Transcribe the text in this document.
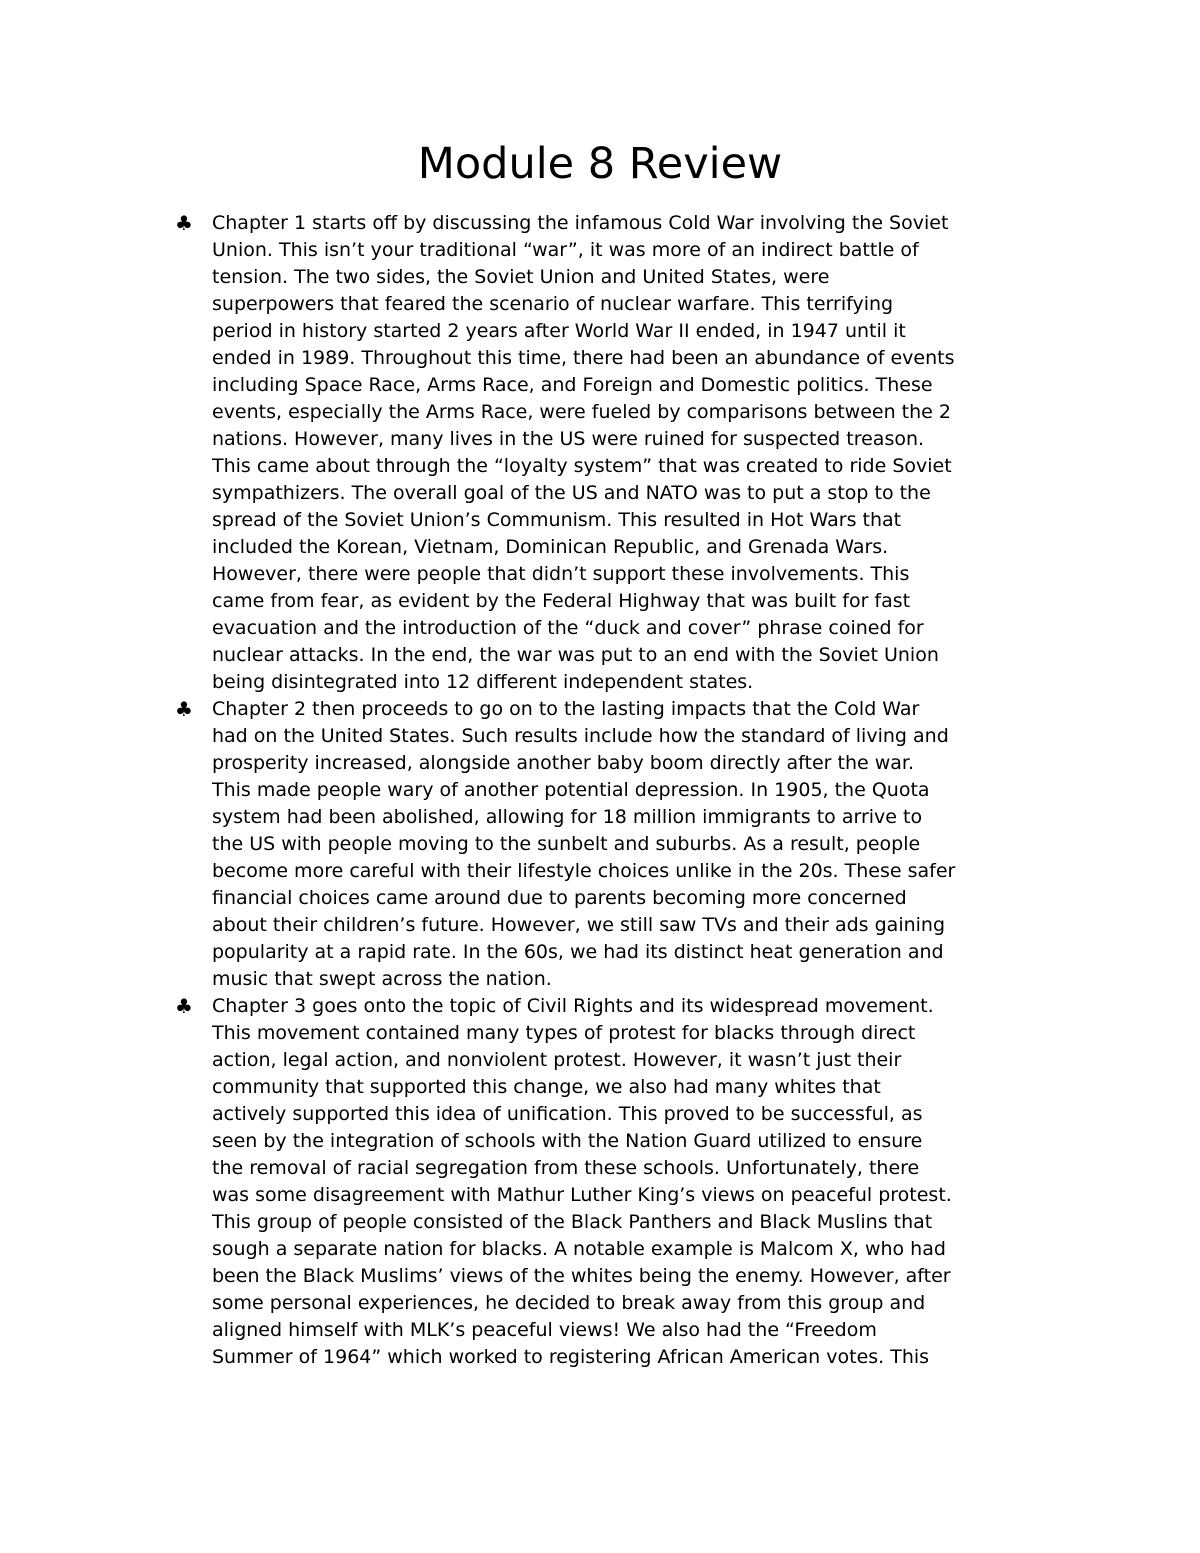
Module 8 Review
♣ Chapter 1 starts off by discussing the infamous Cold War involving the Soviet
Union. This isn’t your traditional “war”, it was more of an indirect battle of
tension. The two sides, the Soviet Union and United States, were
superpowers that feared the scenario of nuclear warfare. This terrifying
period in history started 2 years after World War II ended, in 1947 until it
ended in 1989. Throughout this time, there had been an abundance of events
including Space Race, Arms Race, and Foreign and Domestic politics. These
events, especially the Arms Race, were fueled by comparisons between the 2
nations. However, many lives in the US were ruined for suspected treason.
This came about through the “loyalty system” that was created to ride Soviet
sympathizers. The overall goal of the US and NATO was to put a stop to the
spread of the Soviet Union’s Communism. This resulted in Hot Wars that
included the Korean, Vietnam, Dominican Republic, and Grenada Wars.
However, there were people that didn’t support these involvements. This
came from fear, as evident by the Federal Highway that was built for fast
evacuation and the introduction of the “duck and cover” phrase coined for
nuclear attacks. In the end, the war was put to an end with the Soviet Union
being disintegrated into 12 different independent states.

♣ Chapter 2 then proceeds to go on to the lasting impacts that the Cold War
had on the United States. Such results include how the standard of living and
prosperity increased, alongside another baby boom directly after the war.
This made people wary of another potential depression. In 1905, the Quota
system had been abolished, allowing for 18 million immigrants to arrive to
the US with people moving to the sunbelt and suburbs. As a result, people
become more careful with their lifestyle choices unlike in the 20s. These safer
financial choices came around due to parents becoming more concerned
about their children’s future. However, we still saw TVs and their ads gaining
popularity at a rapid rate. In the 60s, we had its distinct heat generation and
music that swept across the nation.

♣ Chapter 3 goes onto the topic of Civil Rights and its widespread movement.
This movement contained many types of protest for blacks through direct
action, legal action, and nonviolent protest. However, it wasn’t just their
community that supported this change, we also had many whites that
actively supported this idea of unification. This proved to be successful, as
seen by the integration of schools with the Nation Guard utilized to ensure
the removal of racial segregation from these schools. Unfortunately, there
was some disagreement with Mathur Luther King’s views on peaceful protest.
This group of people consisted of the Black Panthers and Black Muslins that
sough a separate nation for blacks. A notable example is Malcom X, who had
been the Black Muslims’ views of the whites being the enemy. However, after
some personal experiences, he decided to break away from this group and
aligned himself with MLK’s peaceful views! We also had the “Freedom
Summer of 1964” which worked to registering African American votes. This
